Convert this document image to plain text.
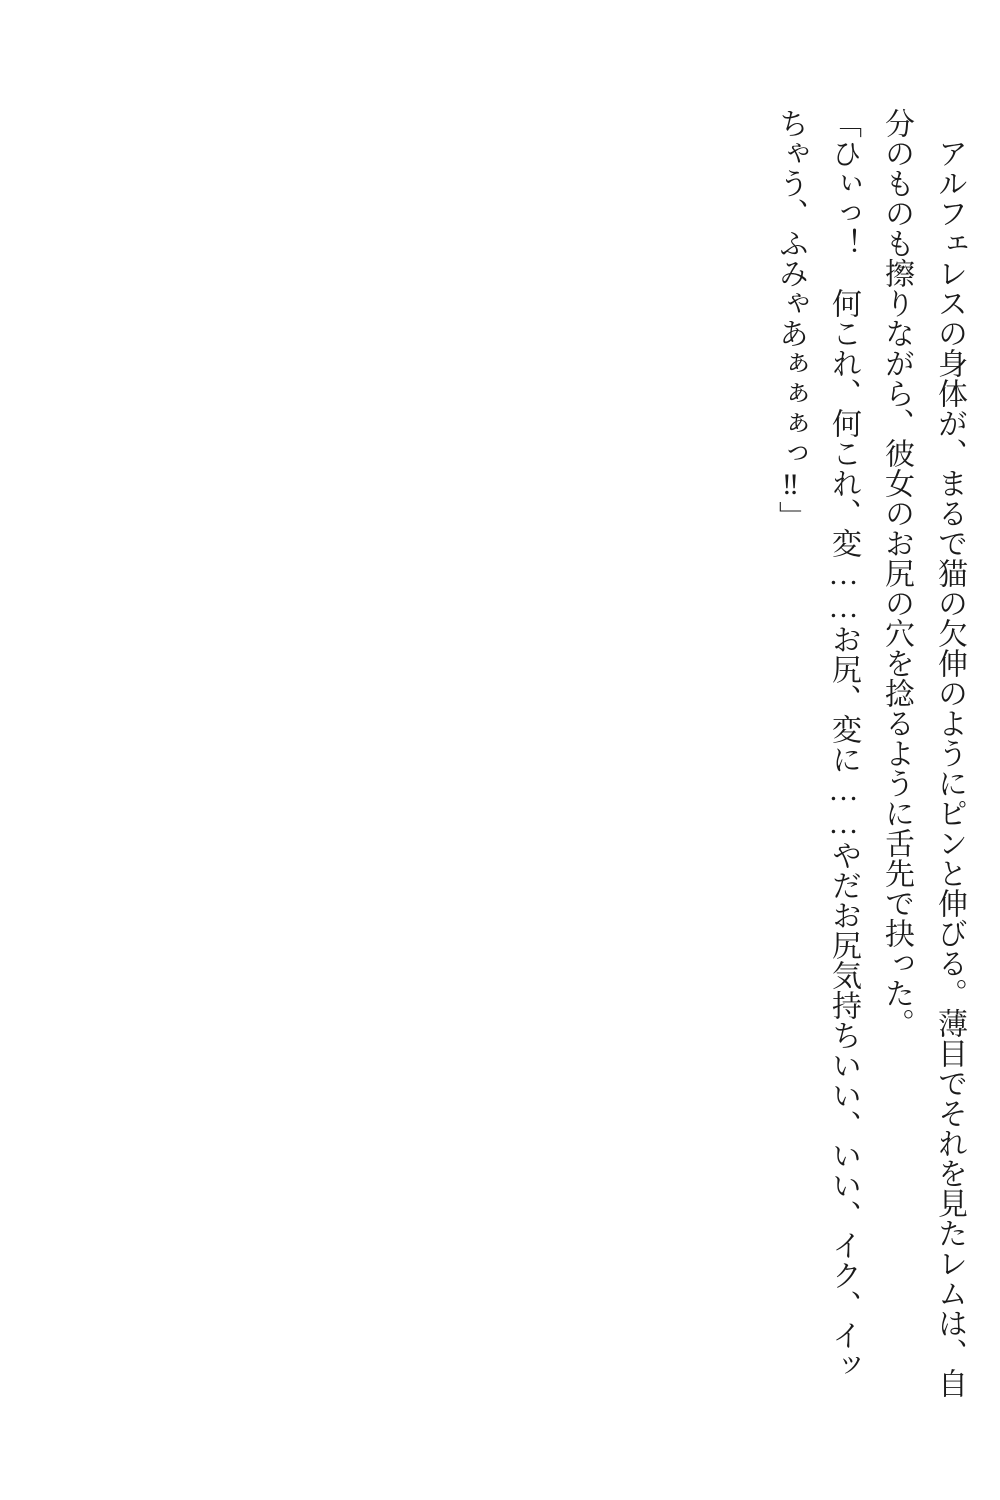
アルフェレスの身体が、まるで猫の欠伸のようにピンと伸びる。薄目でそれを見たレムは、自

分のものも擦りながら、彼女のお尻の穴を捻るように舌先で抉った。

「ひぃっ！　何これ、何これ、変……お尻、変に……やだお尻気持ちいい、いい、イク、イッ

ちゃう、ふみゃあぁぁぁっ‼」
